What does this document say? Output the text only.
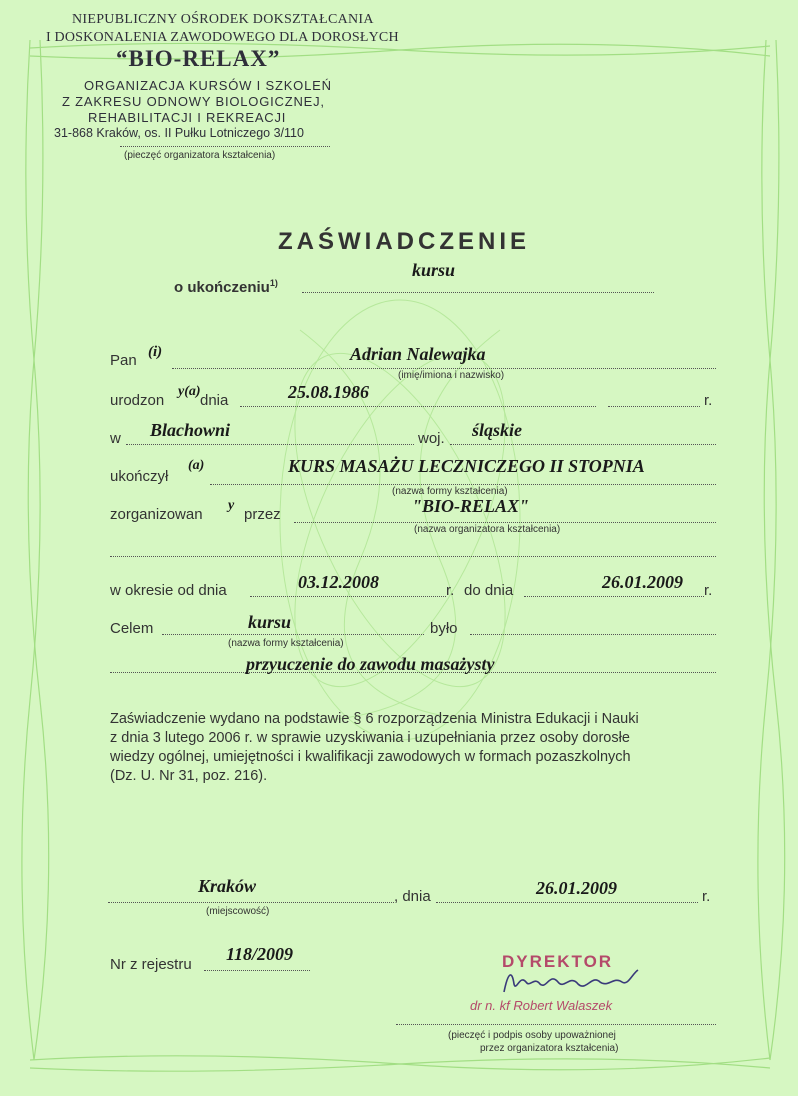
NIEPUBLICZNY OŚRODEK DOKSZTAŁCANIA
I DOSKONALENIA ZAWODOWEGO DLA DOROSŁYCH
“BIO-RELAX”
ORGANIZACJA KURSÓW I SZKOLEŃ
Z ZAKRESU ODNOWY BIOLOGICZNEJ,
REHABILITACJI I REKREACJI
31-868 Kraków, os. II Pułku Lotniczego 3/110
(pieczęć organizatora kształcenia)
ZAŚWIADCZENIE
o ukończeniu$^{1)}$
kursu
Pan (i)	Adrian Nalewajka
(imię/imiona i nazwisko)
urodzon
y(a)
dnia	25.08.1986	r.
w Blachowni	woj. śląskie
ukończył
(a)	KURS MASAŻU LECZNICZEGO II STOPNIA
(nazwa formy kształcenia)
zorganizowan
y
przez	"BIO-RELAX"
(nazwa organizatora kształcenia)
w okresie od dnia	03.12.2008	r. do dnia	26.01.2009 r.
Celem	kursu
(nazwa formy kształcenia)
było
przyuczenie do zawodu masażysty
Zaświadczenie wydano na podstawie § 6 rozporządzenia Ministra Edukacji i Nauki
z dnia 3 lutego 2006 r. w sprawie uzyskiwania i uzupełniania przez osoby dorosłe
wiedzy ogólnej, umiejętności i kwalifikacji zawodowych w formach pozaszkolnych
(Dz. U. Nr 31, poz. 216).
Kraków
(miejscowość)
, dnia	26.01.2009	r.
Nr z rejestru
118/2009	DYREKTOR
dr n. kf Robert Walaszek
(pieczęć i podpis osoby upoważnionej
przez organizatora kształcenia)
